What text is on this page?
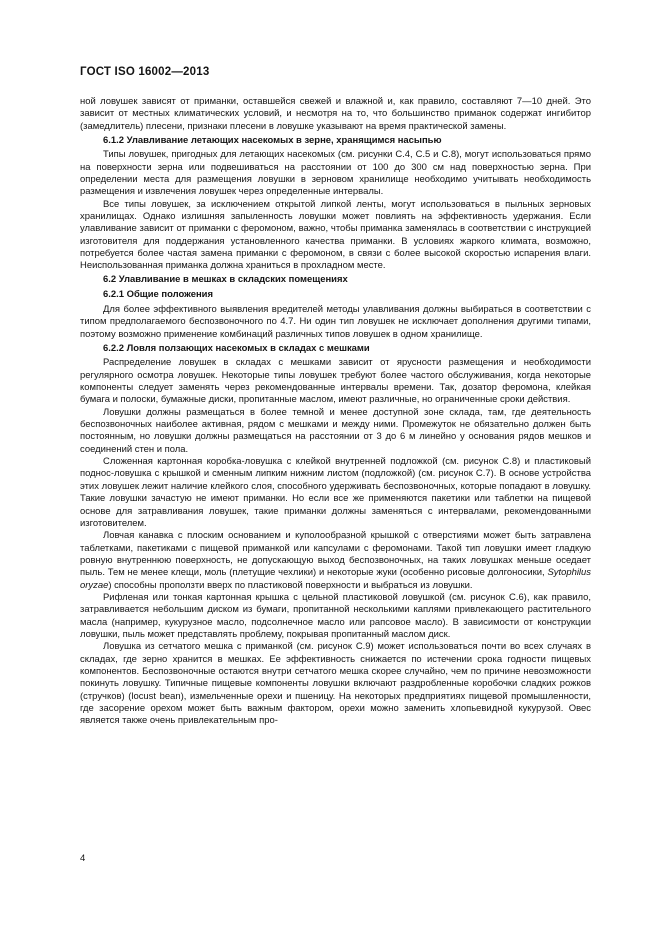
ГОСТ ISO 16002—2013

ной ловушек зависят от приманки, оставшейся свежей и влажной и, как правило, составляют 7—10 дней. Это зависит от местных климатических условий, и несмотря на то, что большинство приманок содержат ингибитор (замедлитель) плесени, признаки плесени в ловушке указывают на время практической замены.

6.1.2 Улавливание летающих насекомых в зерне, хранящимся насыпью

Типы ловушек, пригодных для летающих насекомых (см. рисунки C.4, C.5 и C.8), могут использоваться прямо на поверхности зерна или подвешиваться на расстоянии от 100 до 300 см над поверхностью зерна. При определении места для размещения ловушки в зерновом хранилище необходимо учитывать необходимость размещения и извлечения ловушек через определенные интервалы.

Все типы ловушек, за исключением открытой липкой ленты, могут использоваться в пыльных зерновых хранилищах. Однако излишняя запыленность ловушки может повлиять на эффективность удержания. Если улавливание зависит от приманки с феромоном, важно, чтобы приманка заменялась в соответствии с инструкцией изготовителя для поддержания установленного качества приманки. В условиях жаркого климата, возможно, потребуется более частая замена приманки с феромоном, в связи с более высокой скоростью испарения влаги. Неиспользованная приманка должна храниться в прохладном месте.

6.2 Улавливание в мешках в складских помещениях
6.2.1 Общие положения

Для более эффективного выявления вредителей методы улавливания должны выбираться в соответствии с типом предполагаемого беспозвоночного по 4.7. Ни один тип ловушек не исключает дополнения другими типами, поэтому возможно применение комбинаций различных типов ловушек в одном хранилище.

6.2.2 Ловля ползающих насекомых в складах с мешками

Распределение ловушек в складах с мешками зависит от ярусности размещения и необходимости регулярного осмотра ловушек. Некоторые типы ловушек требуют более частого обслуживания, когда некоторые компоненты следует заменять через рекомендованные интервалы времени. Так, дозатор феромона, клейкая бумага и полоски, бумажные диски, пропитанные маслом, имеют различные, но ограниченные сроки действия.

Ловушки должны размещаться в более темной и менее доступной зоне склада, там, где деятельность беспозвоночных наиболее активная, рядом с мешками и между ними. Промежуток не обязательно должен быть постоянным, но ловушки должны размещаться на расстоянии от 3 до 6 м линейно у основания рядов мешков и соединений стен и пола.

Сложенная картонная коробка-ловушка с клейкой внутренней подложкой (см. рисунок C.8) и пластиковый поднос-ловушка с крышкой и сменным липким нижним листом (подложкой) (см. рисунок C.7). В основе устройства этих ловушек лежит наличие клейкого слоя, способного удерживать беспозвоночных, которые попадают в ловушку. Такие ловушки зачастую не имеют приманки. Но если все же применяются пакетики или таблетки на пищевой основе для затравливания ловушек, такие приманки должны заменяться с интервалами, рекомендованными изготовителем.

Ловчая канавка с плоским основанием и куполообразной крышкой с отверстиями может быть затравлена таблетками, пакетиками с пищевой приманкой или капсулами с феромонами. Такой тип ловушки имеет гладкую ровную внутреннюю поверхность, не допускающую выход беспозвоночных, на таких ловушках меньше оседает пыль. Тем не менее клещи, моль (плетущие чехлики) и некоторые жуки (особенно рисовые долгоносики, Sytophilus oryzae) способны проползти вверх по пластиковой поверхности и выбраться из ловушки.

Рифленая или тонкая картонная крышка с цельной пластиковой ловушкой (см. рисунок C.6), как правило, затравливается небольшим диском из бумаги, пропитанной несколькими каплями привлекающего растительного масла (например, кукурузное масло, подсолнечное масло или рапсовое масло). В зависимости от конструкции ловушки, пыль может представлять проблему, покрывая пропитанный маслом диск.

Ловушка из сетчатого мешка с приманкой (см. рисунок C.9) может использоваться почти во всех случаях в складах, где зерно хранится в мешках. Ее эффективность снижается по истечении срока годности пищевых компонентов. Беспозвоночные остаются внутри сетчатого мешка скорее случайно, чем по причине невозможности покинуть ловушку. Типичные пищевые компоненты ловушки включают раздробленные коробочки сладких рожков (стручков) (locust bean), измельченные орехи и пшеницу. На некоторых предприятиях пищевой промышленности, где засорение орехом может быть важным фактором, орехи можно заменить хлопьевидной кукурузой. Овес является также очень привлекательным про-

4
